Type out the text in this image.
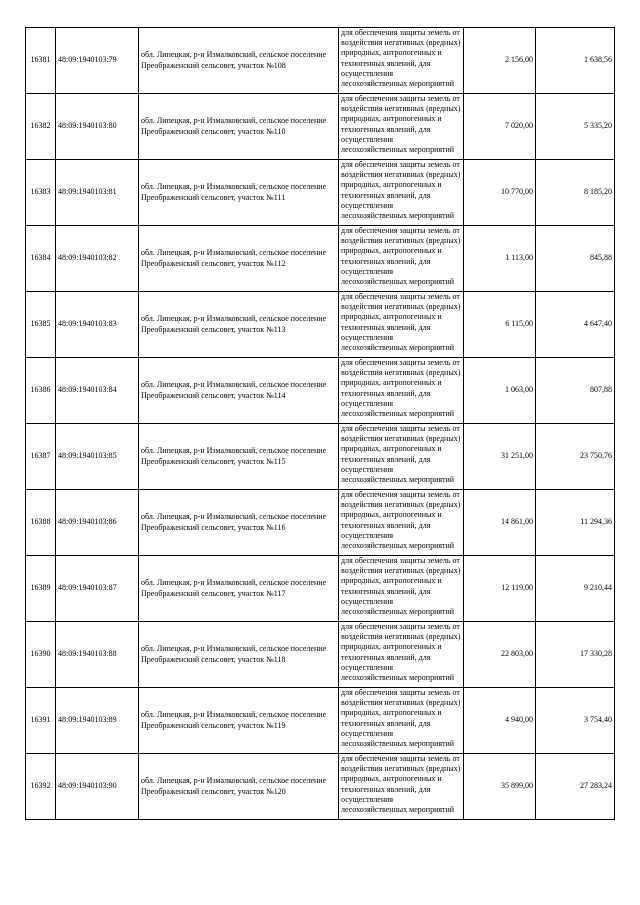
16381	48:09:1940103:79	обл. Липецкая, р-н Измалковский, сельское поселение Преображенский сельсовет, участок №108	для обеспечения защиты земель от воздействия негативных (вредных) природных, антропогенных и техногенных явлений, для осуществления лесохозяйственных мероприятий	2 156,00	1 638,56
16382	48:09:1940103:80	обл. Липецкая, р-н Измалковский, сельское поселение Преображенский сельсовет, участок №110	для обеспечения защиты земель от воздействия негативных (вредных) природных, антропогенных и техногенных явлений, для осуществления лесохозяйственных мероприятий	7 020,00	5 335,20
16383	48:09:1940103:81	обл. Липецкая, р-н Измалковский, сельское поселение Преображенский сельсовет, участок №111	для обеспечения защиты земель от воздействия негативных (вредных) природных, антропогенных и техногенных явлений, для осуществления лесохозяйственных мероприятий	10 770,00	8 185,20
16384	48:09:1940103:82	обл. Липецкая, р-н Измалковский, сельское поселение Преображенский сельсовет, участок №112	для обеспечения защиты земель от воздействия негативных (вредных) природных, антропогенных и техногенных явлений, для осуществления лесохозяйственных мероприятий	1 113,00	845,88
16385	48:09:1940103:83	обл. Липецкая, р-н Измалковский, сельское поселение Преображенский сельсовет, участок №113	для обеспечения защиты земель от воздействия негативных (вредных) природных, антропогенных и техногенных явлений, для осуществления лесохозяйственных мероприятий	6 115,00	4 647,40
16386	48:09:1940103:84	обл. Липецкая, р-н Измалковский, сельское поселение Преображенский сельсовет, участок №114	для обеспечения защиты земель от воздействия негативных (вредных) природных, антропогенных и техногенных явлений, для осуществления лесохозяйственных мероприятий	1 063,00	807,88
16387	48:09:1940103:85	обл. Липецкая, р-н Измалковский, сельское поселение Преображенский сельсовет, участок №115	для обеспечения защиты земель от воздействия негативных (вредных) природных, антропогенных и техногенных явлений, для осуществления лесохозяйственных мероприятий	31 251,00	23 750,76
16388	48:09:1940103:86	обл. Липецкая, р-н Измалковский, сельское поселение Преображенский сельсовет, участок №116	для обеспечения защиты земель от воздействия негативных (вредных) природных, антропогенных и техногенных явлений, для осуществления лесохозяйственных мероприятий	14 861,00	11 294,36
16389	48:09:1940103:87	обл. Липецкая, р-н Измалковский, сельское поселение Преображенский сельсовет, участок №117	для обеспечения защиты земель от воздействия негативных (вредных) природных, антропогенных и техногенных явлений, для осуществления лесохозяйственных мероприятий	12 119,00	9 210,44
16390	48:09:1940103:88	обл. Липецкая, р-н Измалковский, сельское поселение Преображенский сельсовет, участок №118	для обеспечения защиты земель от воздействия негативных (вредных) природных, антропогенных и техногенных явлений, для осуществления лесохозяйственных мероприятий	22 803,00	17 330,28
16391	48:09:1940103:89	обл. Липецкая, р-н Измалковский, сельское поселение Преображенский сельсовет, участок №119	для обеспечения защиты земель от воздействия негативных (вредных) природных, антропогенных и техногенных явлений, для осуществления лесохозяйственных мероприятий	4 940,00	3 754,40
16392	48:09:1940103:90	обл. Липецкая, р-н Измалковский, сельское поселение Преображенский сельсовет, участок №120	для обеспечения защиты земель от воздействия негативных (вредных) природных, антропогенных и техногенных явлений, для осуществления лесохозяйственных мероприятий	35 899,00	27 283,24
